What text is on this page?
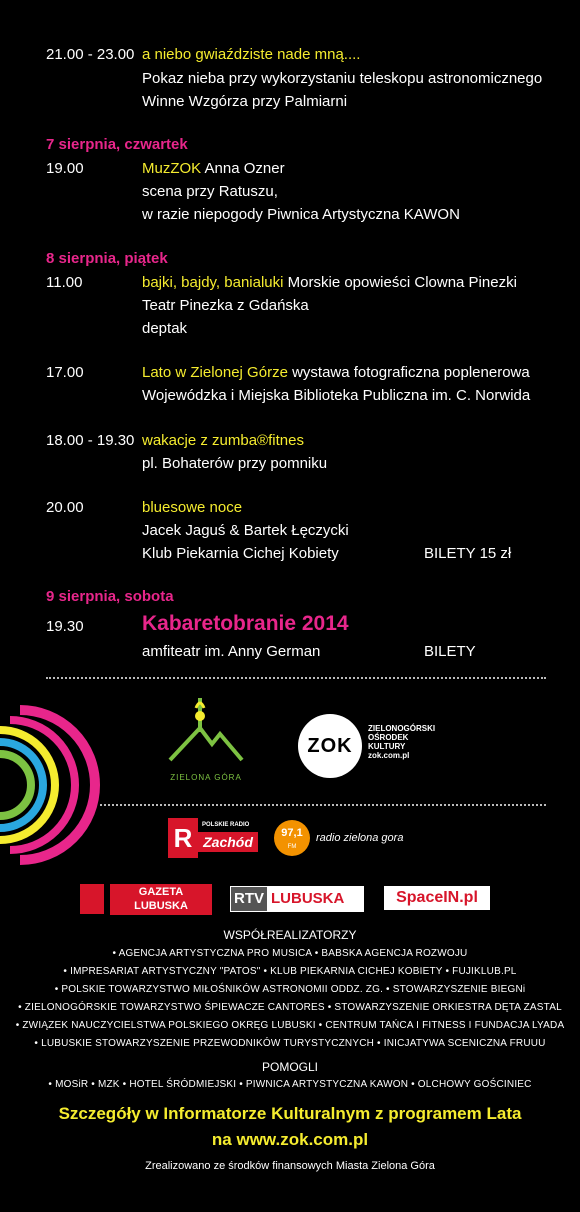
21.00 - 23.00 a niebo gwiaździste nade mną....
Pokaz nieba przy wykorzystaniu teleskopu astronomicznego
Winne Wzgórza przy Palmiarni
7 sierpnia, czwartek
19.00	MuzZOK Anna Ozner
scena przy Ratuszu,
w razie niepogody Piwnica Artystyczna KAWON
8 sierpnia, piątek
11.00	bajki, bajdy, banialuki Morskie opowieści Clowna Pinezki
Teatr Pinezka z Gdańska
deptak
17.00	Lato w Zielonej Górze wystawa fotograficzna poplenerowa
Wojewódzka i Miejska Biblioteka Publiczna im. C. Norwida
18.00 - 19.30 wakacje z zumba®fitnes
pl. Bohaterów przy pomniku
20.00	bluesowe noce
Jacek Jaguś & Bartek Łęczycki
Klub Piekarnia Cichej Kobiety	BILETY 15 zł
9 sierpnia, sobota
19.30	Kabaretobranie 2014
amfiteatr im. Anny German	BILETY
ZIELONA GÓRA
ZOK
ZIELONOGÓRSKI
OŚRODEK
KULTURY
zok.com.pl
R	POLSKIE RADIO
Zachód
97,1
FM
radio zielona gora
GAZETA
LUBUSKA	RTV LUBUSKA	SpaceIN.pl
WSPÓŁREALIZATORZY
• AGENCJA ARTYSTYCZNA PRO MUSICA • BABSKA AGENCJA ROZWOJU
• IMPRESARIAT ARTYSTYCZNY "PATOS" • KLUB PIEKARNIA CICHEJ KOBIETY • FUJIKLUB.PL
• POLSKIE TOWARZYSTWO MIŁOŚNIKÓW ASTRONOMII ODDZ. ZG. • STOWARZYSZENIE BIEGNi
• ZIELONOGÓRSKIE TOWARZYSTWO ŚPIEWACZE CANTORES • STOWARZYSZENIE ORKIESTRA DĘTA ZASTAL
• ZWIĄZEK NAUCZYCIELSTWA POLSKIEGO OKRĘG LUBUSKI • CENTRUM TAŃCA I FITNESS I FUNDACJA LYADA
• LUBUSKIE STOWARZYSZENIE PRZEWODNIKÓW TURYSTYCZNYCH • INICJATYWA SCENICZNA FRUUU
POMOGLI
• MOSiR • MZK • HOTEL ŚRÓDMIEJSKI • PIWNICA ARTYSTYCZNA KAWON • OLCHOWY GOŚCINIEC
Szczegóły w Informatorze Kulturalnym z programem Lata
na www.zok.com.pl
Zrealizowano ze środków finansowych Miasta Zielona Góra
